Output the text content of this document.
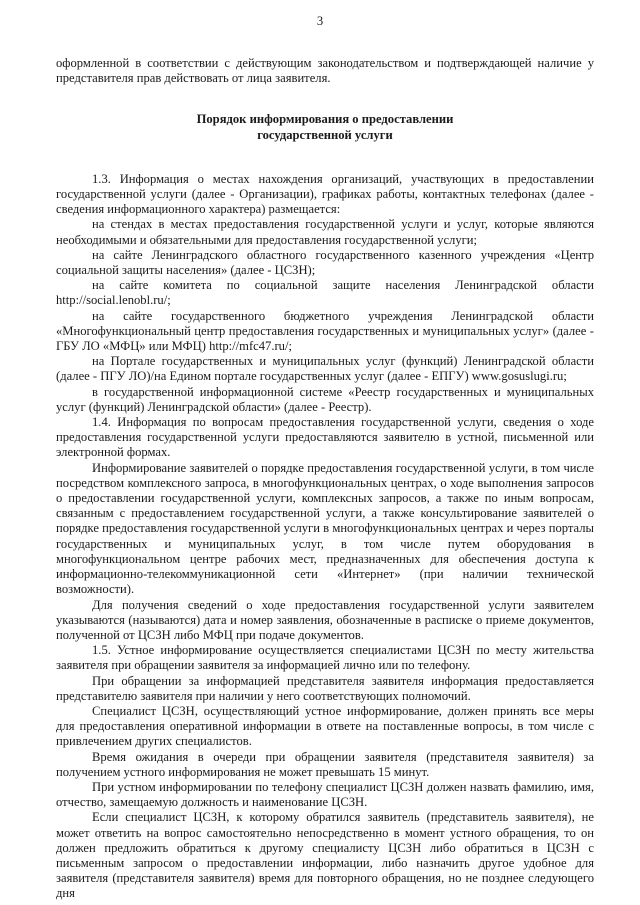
3

оформленной в соответствии с действующим законодательством и подтверждающей наличие у представителя прав действовать от лица заявителя.

Порядок информирования о предоставлении
государственной услуги

1.3. Информация о местах нахождения организаций, участвующих в предоставлении государственной услуги (далее - Организации), графиках работы, контактных телефонах (далее - сведения информационного характера) размещается:

на стендах в местах предоставления государственной услуги и услуг, которые являются необходимыми и обязательными для предоставления государственной услуги;

на сайте Ленинградского областного государственного казенного учреждения «Центр социальной защиты населения» (далее - ЦСЗН);

на сайте комитета по социальной защите населения Ленинградской области http://social.lenobl.ru/;

на сайте государственного бюджетного учреждения Ленинградской области «Многофункциональный центр предоставления государственных и муниципальных услуг» (далее - ГБУ ЛО «МФЦ» или МФЦ) http://mfc47.ru/;

на Портале государственных и муниципальных услуг (функций) Ленинградской области (далее - ПГУ ЛО)/на Едином портале государственных услуг (далее - ЕПГУ) www.gosuslugi.ru;

в государственной информационной системе «Реестр государственных и муниципальных услуг (функций) Ленинградской области» (далее - Реестр).

1.4. Информация по вопросам предоставления государственной услуги, сведения о ходе предоставления государственной услуги предоставляются заявителю в устной, письменной или электронной формах.

Информирование заявителей о порядке предоставления государственной услуги, в том числе посредством комплексного запроса, в многофункциональных центрах, о ходе выполнения запросов о предоставлении государственной услуги, комплексных запросов, а также по иным вопросам, связанным с предоставлением государственной услуги, а также консультирование заявителей о порядке предоставления государственной услуги в многофункциональных центрах и через порталы государственных и муниципальных услуг, в том числе путем оборудования в многофункциональном центре рабочих мест, предназначенных для обеспечения доступа к информационно-телекоммуникационной сети «Интернет» (при наличии технической возможности).

Для получения сведений о ходе предоставления государственной услуги заявителем указываются (называются) дата и номер заявления, обозначенные в расписке о приеме документов, полученной от ЦСЗН либо МФЦ при подаче документов.

1.5. Устное информирование осуществляется специалистами ЦСЗН по месту жительства заявителя при обращении заявителя за информацией лично или по телефону.

При обращении за информацией представителя заявителя информация предоставляется представителю заявителя при наличии у него соответствующих полномочий.

Специалист ЦСЗН, осуществляющий устное информирование, должен принять все меры для предоставления оперативной информации в ответе на поставленные вопросы, в том числе с привлечением других специалистов.

Время ожидания в очереди при обращении заявителя (представителя заявителя) за получением устного информирования не может превышать 15 минут.

При устном информировании по телефону специалист ЦСЗН должен назвать фамилию, имя, отчество, замещаемую должность и наименование ЦСЗН.

Если специалист ЦСЗН, к которому обратился заявитель (представитель заявителя), не может ответить на вопрос самостоятельно непосредственно в момент устного обращения, то он должен предложить обратиться к другому специалисту ЦСЗН либо обратиться в ЦСЗН с письменным запросом о предоставлении информации, либо назначить другое удобное для заявителя (представителя заявителя) время для повторного обращения, но не позднее следующего дня
